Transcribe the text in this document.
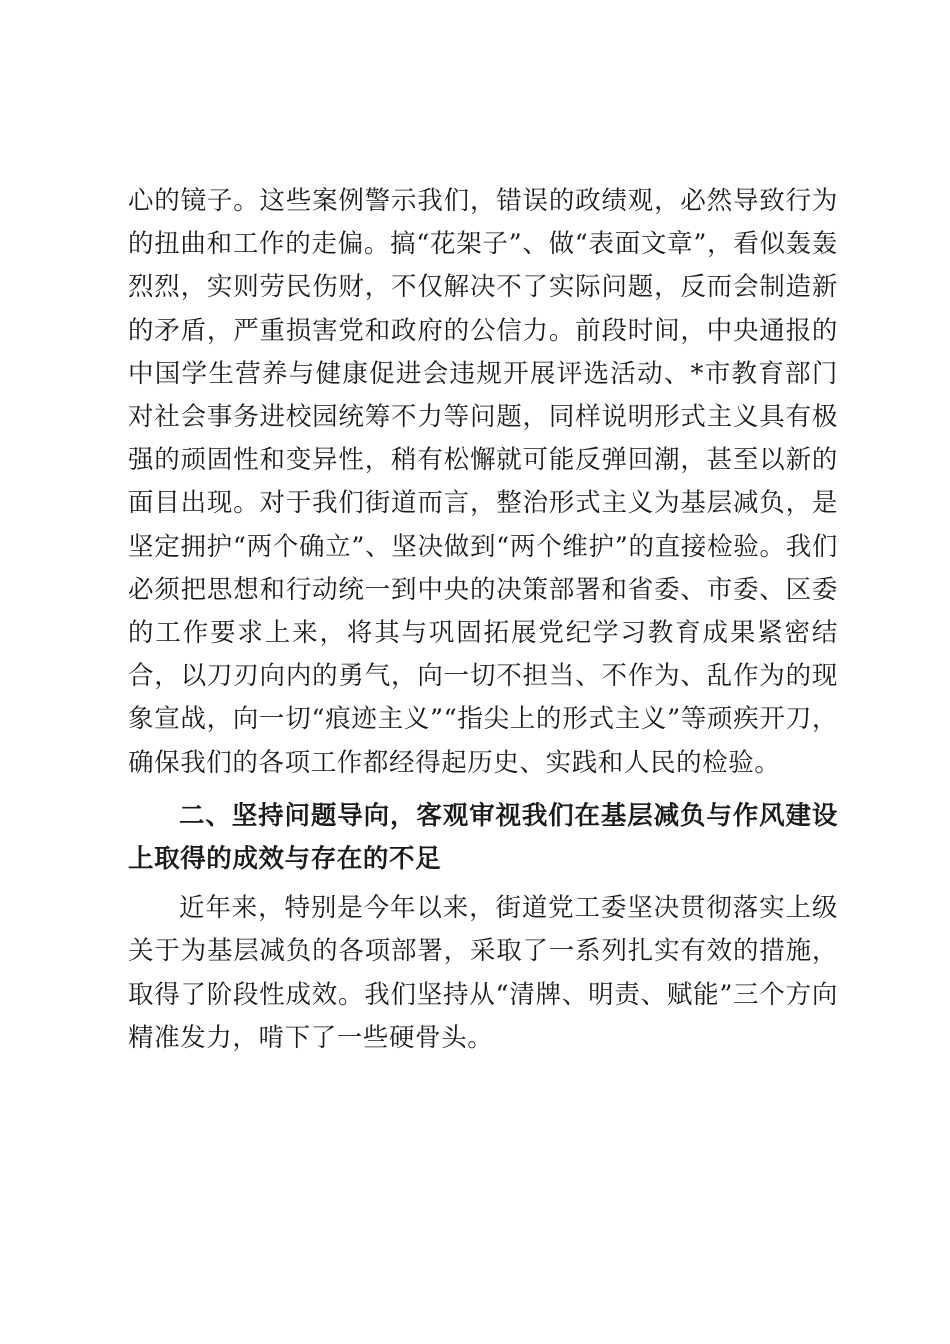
心的镜子。这些案例警示我们，错误的政绩观，必然导致行为的扭曲和工作的走偏。搞“花架子”、做“表面文章”，看似轰轰烈烈，实则劳民伤财，不仅解决不了实际问题，反而会制造新的矛盾，严重损害党和政府的公信力。前段时间，中央通报的中国学生营养与健康促进会违规开展评选活动、*市教育部门对社会事务进校园统筹不力等问题，同样说明形式主义具有极强的顽固性和变异性，稍有松懈就可能反弹回潮，甚至以新的面目出现。对于我们街道而言，整治形式主义为基层减负，是坚定拥护“两个确立”、坚决做到“两个维护”的直接检验。我们必须把思想和行动统一到中央的决策部署和省委、市委、区委的工作要求上来，将其与巩固拓展党纪学习教育成果紧密结合，以刀刃向内的勇气，向一切不担当、不作为、乱作为的现象宣战，向一切“痕迹主义”“指尖上的形式主义”等顽疾开刀，确保我们的各项工作都经得起历史、实践和人民的检验。

二、坚持问题导向，客观审视我们在基层减负与作风建设上取得的成效与存在的不足

近年来，特别是今年以来，街道党工委坚决贯彻落实上级关于为基层减负的各项部署，采取了一系列扎实有效的措施，取得了阶段性成效。我们坚持从“清牌、明责、赋能”三个方向精准发力，啃下了一些硬骨头。
